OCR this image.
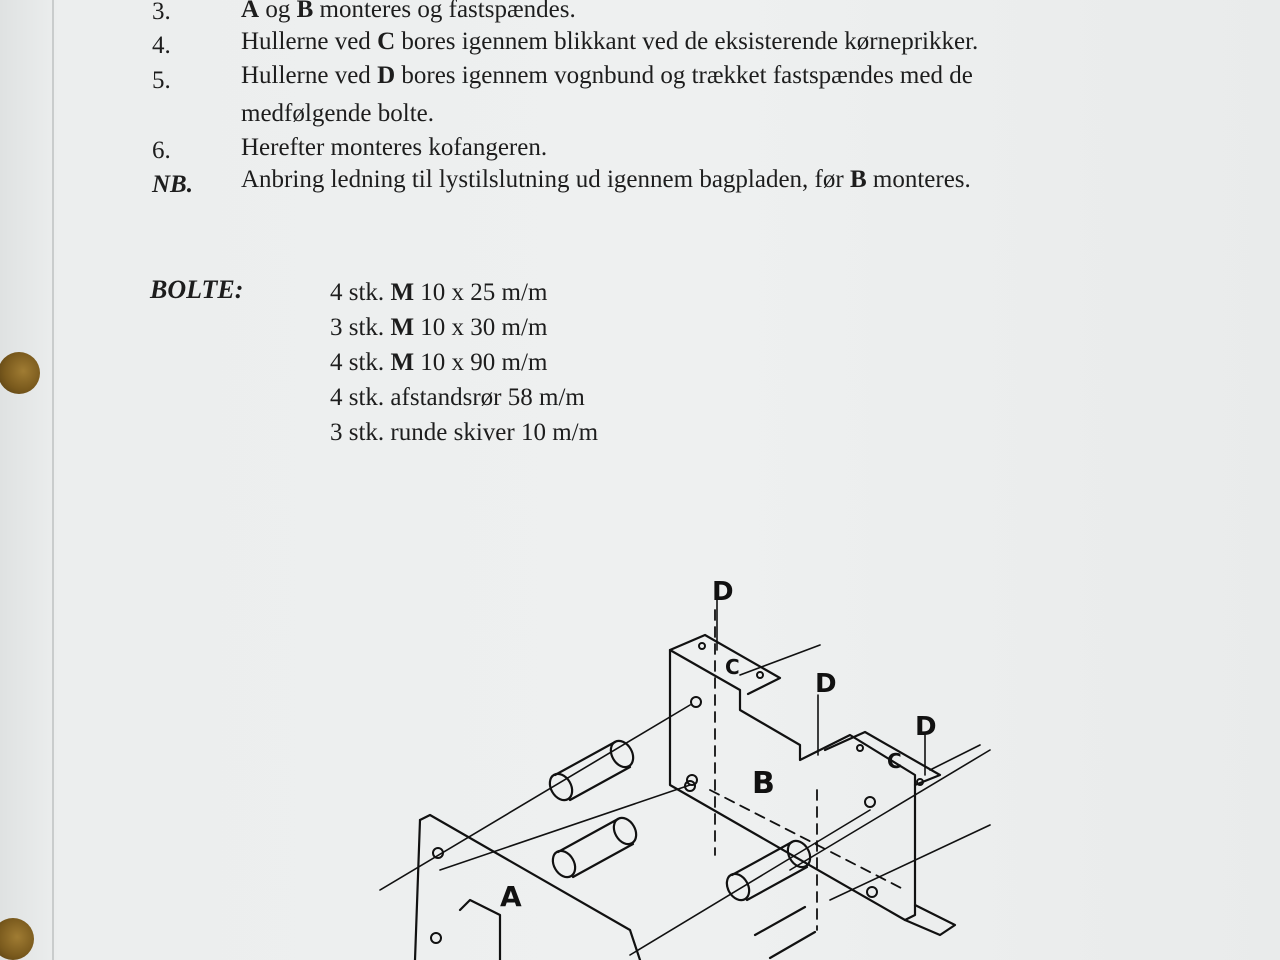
3.	A og B monteres og fastspændes.
4.	Hullerne ved C bores igennem blikkant ved de eksisterende kørneprikker.
5.	Hullerne ved D bores igennem vognbund og trækket fastspændes med de
medfølgende bolte.
6.	Herefter monteres kofangeren.
NB. Anbring ledning til lystilslutning ud igennem bagpladen, før B monteres.
BOLTE:	4 stk. M 10 x 25 m/m
3 stk. M 10 x 30 m/m
4 stk. M 10 x 90 m/m
4 stk. afstandsrør 58 m/m
3 stk. runde skiver 10 m/m
D
D
D
C
C
B
A
